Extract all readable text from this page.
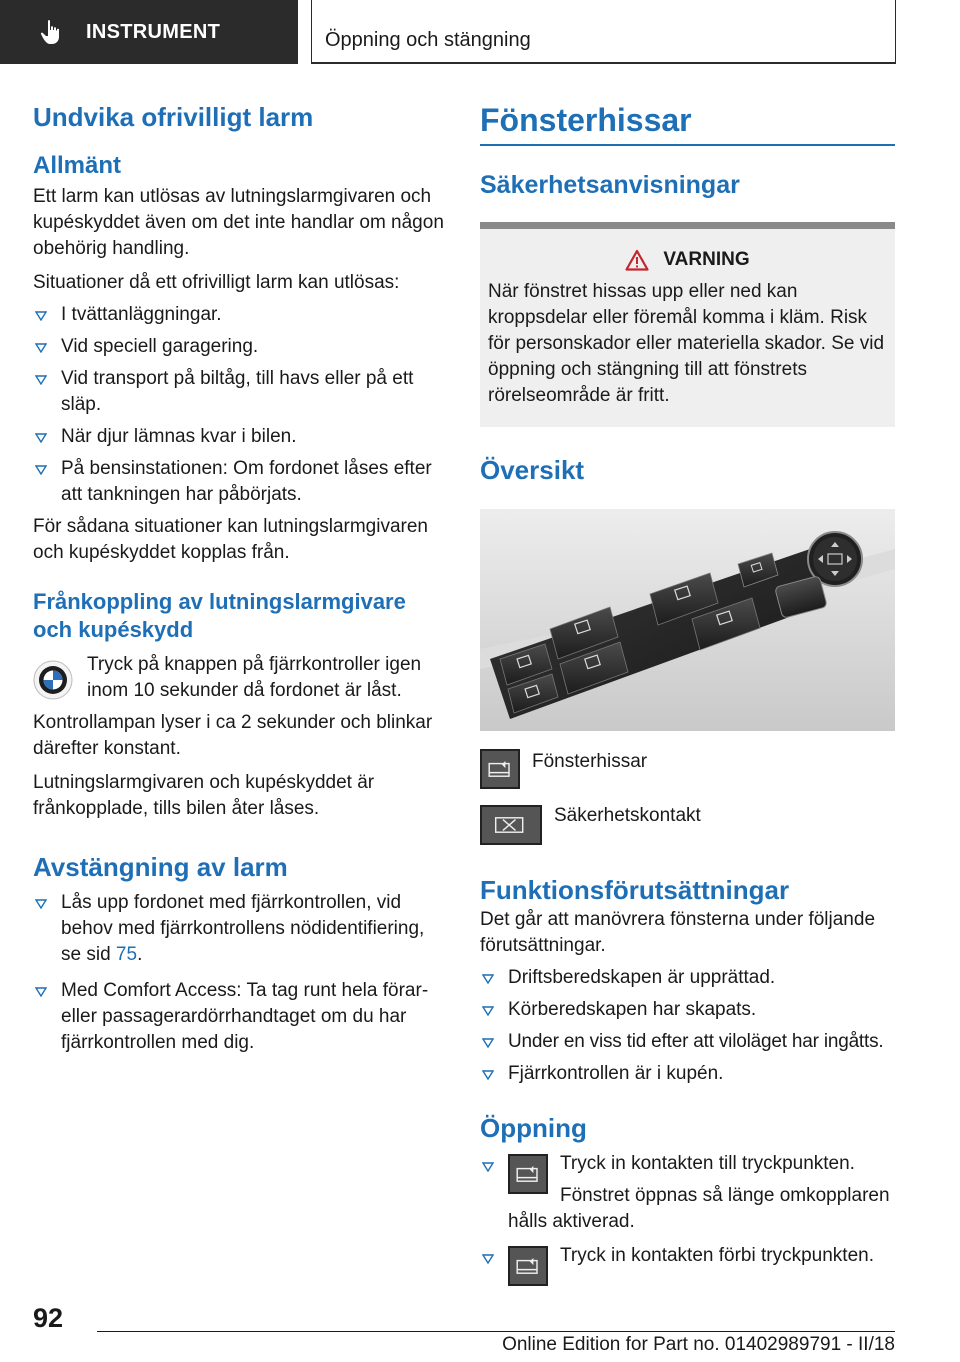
INSTRUMENT	Öppning och stängning
Undvika ofrivilligt larm
Allmänt

Ett larm kan utlösas av lutningslarmgivaren och kupéskyddet även om det inte handlar om någon obehörig handling.

Situationer då ett ofrivilligt larm kan utlösas:

I tvättanläggningar.
Vid speciell garagering.
Vid transport på biltåg, till havs eller på ett släp.
När djur lämnas kvar i bilen.
På bensinstationen: Om fordonet låses efter att tankningen har påbörjats.

För sådana situationer kan lutningslarmgivaren och kupéskyddet kopplas från.

Frånkoppling av lutningslarmgivare och kupéskydd

Tryck på knappen på fjärrkontroller igen inom 10 sekunder då fordonet är låst.

Kontrollampan lyser i ca 2 sekunder och blinkar därefter konstant.

Lutningslarmgivaren och kupéskyddet är frånkopplade, tills bilen åter låses.

Avstängning av larm
Lås upp fordonet med fjärrkontrollen, vid behov med fjärrkontrollens nödidentifiering, se sid 75.
Med Comfort Access: Ta tag runt hela förar- eller passagerardörrhandtaget om du har fjärrkontrollen med dig.
Fönsterhissar
Säkerhetsanvisningar
VARNING

När fönstret hissas upp eller ned kan kroppsdelar eller föremål komma i kläm. Risk för personskador eller materiella skador. Se vid öppning och stängning till att fönstrets rörelseområde är fritt.

Översikt

Fönsterhissar

Säkerhetskontakt

Funktionsförutsättningar

Det går att manövrera fönsterna under följande förutsättningar.

Driftsberedskapen är upprättad.
Körberedskapen har skapats.
Under en viss tid efter att viloläget har ingåtts.
Fjärrkontrollen är i kupén.
Öppning

Tryck in kontakten till tryckpunkten.

Fönstret öppnas så länge omkopplaren hålls aktiverad.

Tryck in kontakten förbi tryckpunkten.

92
Online Edition for Part no. 01402989791 - II/18
